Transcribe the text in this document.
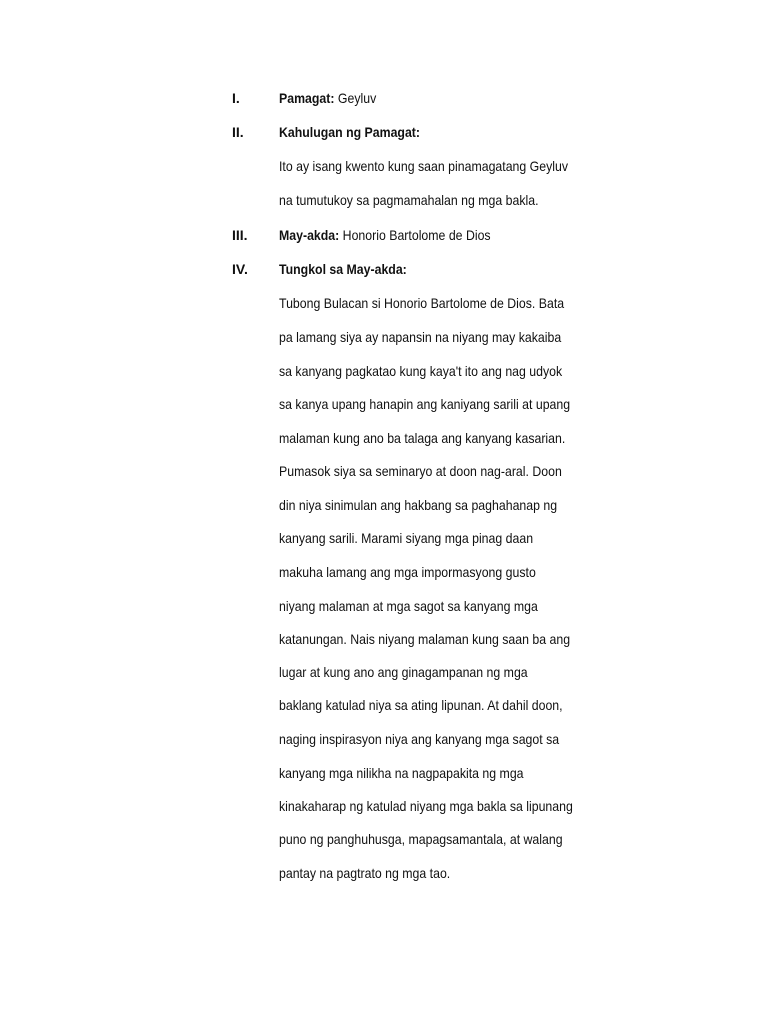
I.	Pamagat: Geyluv
II.	Kahulugan ng Pamagat:
Ito ay isang kwento kung saan pinamagatang Geyluv
na tumutukoy sa pagmamahalan ng mga bakla.
III. May-akda: Honorio Bartolome de Dios
IV. Tungkol sa May-akda:
Tubong Bulacan si Honorio Bartolome de Dios. Bata
pa lamang siya ay napansin na niyang may kakaiba
sa kanyang pagkatao kung kaya't ito ang nag udyok
sa kanya upang hanapin ang kaniyang sarili at upang
malaman kung ano ba talaga ang kanyang kasarian.
Pumasok siya sa seminaryo at doon nag-aral. Doon
din niya sinimulan ang hakbang sa paghahanap ng
kanyang sarili. Marami siyang mga pinag daan
makuha lamang ang mga impormasyong gusto
niyang malaman at mga sagot sa kanyang mga
katanungan. Nais niyang malaman kung saan ba ang
lugar at kung ano ang ginagampanan ng mga
baklang katulad niya sa ating lipunan. At dahil doon,
naging inspirasyon niya ang kanyang mga sagot sa
kanyang mga nilikha na nagpapakita ng mga
kinakaharap ng katulad niyang mga bakla sa lipunang
puno ng panghuhusga, mapagsamantala, at walang
pantay na pagtrato ng mga tao.
